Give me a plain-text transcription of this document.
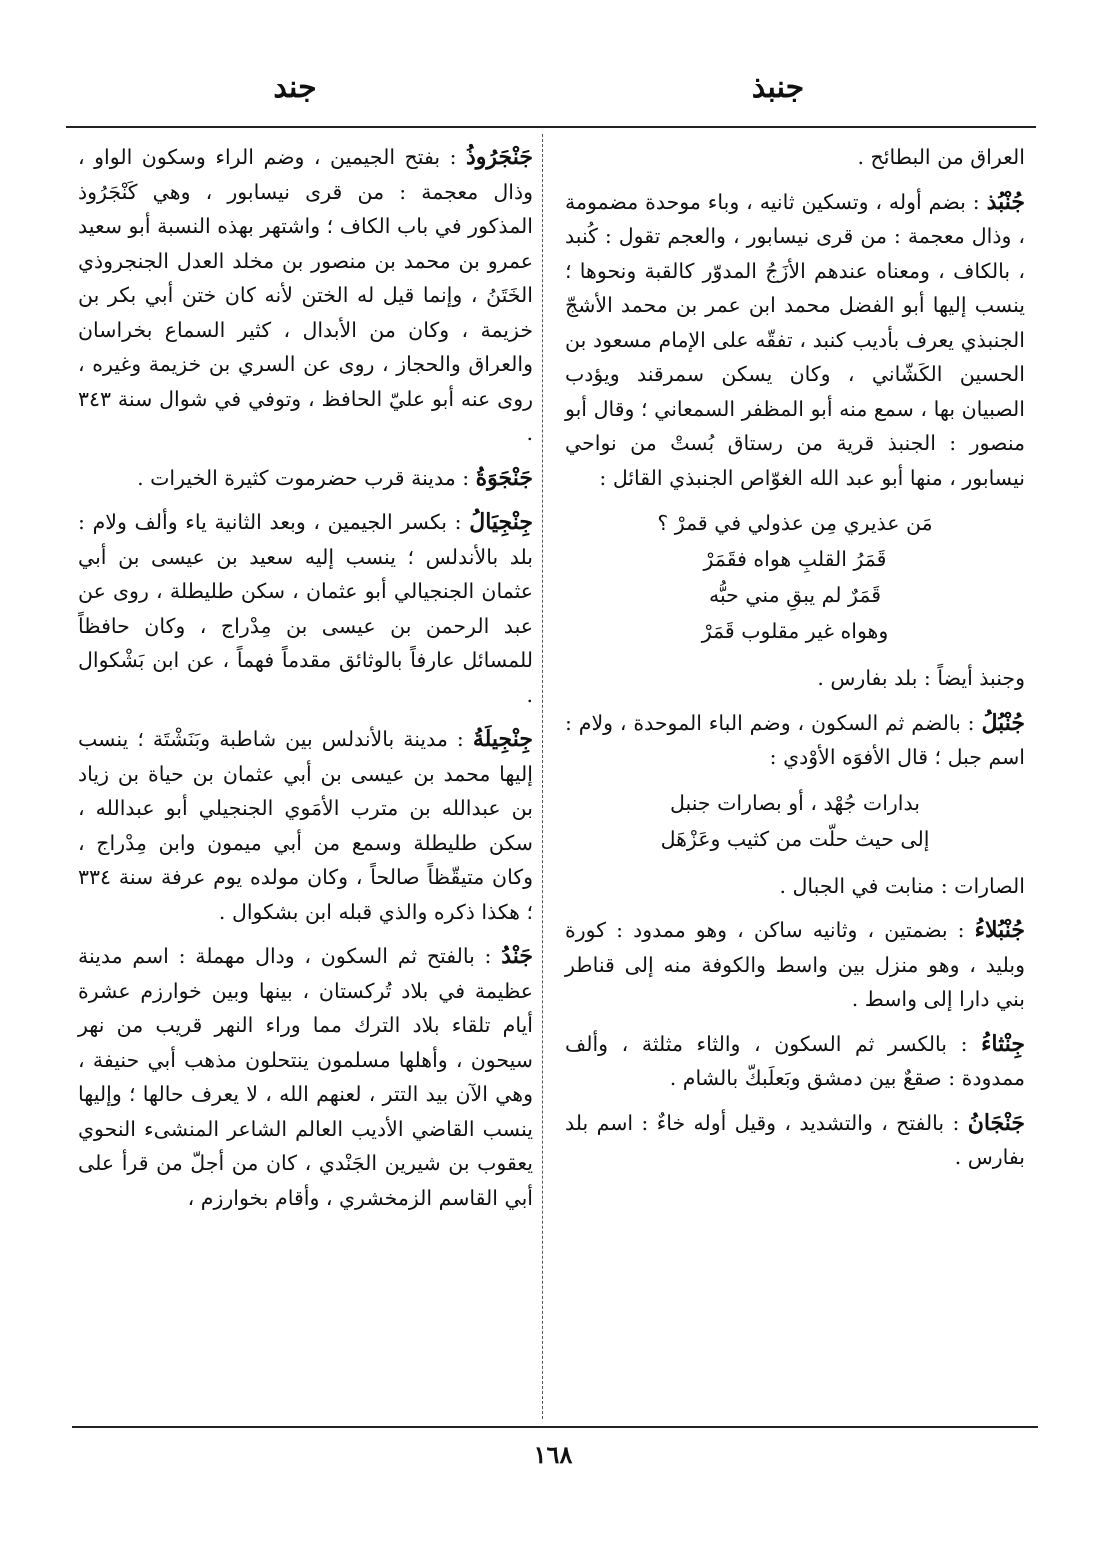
جنبذ
جند

العراق من البطائح .

جُنْبُذ : بضم أوله ، وتسكين ثانيه ، وباء موحدة مضمومة ، وذال معجمة : من قرى نيسابور ، والعجم تقول : كُنبد ، بالكاف ، ومعناه عندهم الأزَجُ المدوّر كالقبة ونحوها ؛ ينسب إليها أبو الفضل محمد ابن عمر بن محمد الأشجّ الجنبذي يعرف بأديب كنبد ، تفقّه على الإمام مسعود بن الحسين الكَشّاني ، وكان يسكن سمرقند ويؤدب الصبيان بها ، سمع منه أبو المظفر السمعاني ؛ وقال أبو منصور : الجنبذ قرية من رستاق بُستْ من نواحي نيسابور ، منها أبو عبد الله الغوّاص الجنبذي القائل :

مَن عذيري مِن عذولي في قمرْ ؟
قَمَرُ القلبِ هواه فقَمَرْ
قَمَرٌ لم يبقِ مني حبُّه
وهواه غير مقلوب قَمَرْ

وجنبذ أيضاً : بلد بفارس .

جُنْبُلُ : بالضم ثم السكون ، وضم الباء الموحدة ، ولام : اسم جبل ؛ قال الأفوَه الأوْدي :

بدارات جُهْد ، أو بصارات جنبل
إلى حيث حلّت من كثيب وعَزْهَل

الصارات : منابت في الجبال .

جُنْبُلاءُ : بضمتين ، وثانيه ساكن ، وهو ممدود : كورة وبليد ، وهو منزل بين واسط والكوفة منه إلى قناطر بني دارا إلى واسط .

جِنْثاءُ : بالكسر ثم السكون ، والثاء مثلثة ، وألف ممدودة : صقعٌ بين دمشق وبَعلَبكّ بالشام .

جَنْجَانُ : بالفتح ، والتشديد ، وقيل أوله خاءٌ : اسم بلد بفارس .

جَنْجَرُوذُ : بفتح الجيمين ، وضم الراء وسكون الواو ، وذال معجمة : من قرى نيسابور ، وهي كَنْجَرُوذ المذكور في باب الكاف ؛ واشتهر بهذه النسبة أبو سعيد عمرو بن محمد بن منصور بن مخلد العدل الجنجروذي الخَتَنُ ، وإنما قيل له الختن لأنه كان ختن أبي بكر بن خزيمة ، وكان من الأبدال ، كثير السماع بخراسان والعراق والحجاز ، روى عن السري بن خزيمة وغيره ، روى عنه أبو عليّ الحافظ ، وتوفي في شوال سنة ٣٤٣ .

جَنْجَوَةُ : مدينة قرب حضرموت كثيرة الخيرات .

جِنْجِيَالُ : بكسر الجيمين ، وبعد الثانية ياء وألف ولام : بلد بالأندلس ؛ ينسب إليه سعيد بن عيسى بن أبي عثمان الجنجيالي أبو عثمان ، سكن طليطلة ، روى عن عبد الرحمن بن عيسى بن مِدْراج ، وكان حافظاً للمسائل عارفاً بالوثائق مقدماً فهماً ، عن ابن بَشْكوال .

جِنْجِيلَةُ : مدينة بالأندلس بين شاطبة وبَنَشْتَة ؛ ينسب إليها محمد بن عيسى بن أبي عثمان بن حياة بن زياد بن عبدالله بن مترب الأمَوي الجنجيلي أبو عبدالله ، سكن طليطلة وسمع من أبي ميمون وابن مِدْراج ، وكان متيقّظاً صالحاً ، وكان مولده يوم عرفة سنة ٣٣٤ ؛ هكذا ذكره والذي قبله ابن بشكوال .

جَنْدُ : بالفتح ثم السكون ، ودال مهملة : اسم مدينة عظيمة في بلاد تُركستان ، بينها وبين خوارزم عشرة أيام تلقاء بلاد الترك مما وراء النهر قريب من نهر سيحون ، وأهلها مسلمون ينتحلون مذهب أبي حنيفة ، وهي الآن بيد التتر ، لعنهم الله ، لا يعرف حالها ؛ وإليها ينسب القاضي الأديب العالم الشاعر المنشىء النحوي يعقوب بن شيرين الجَنْدي ، كان من أجلّ من قرأ على أبي القاسم الزمخشري ، وأقام بخوارزم ،

١٦٨
